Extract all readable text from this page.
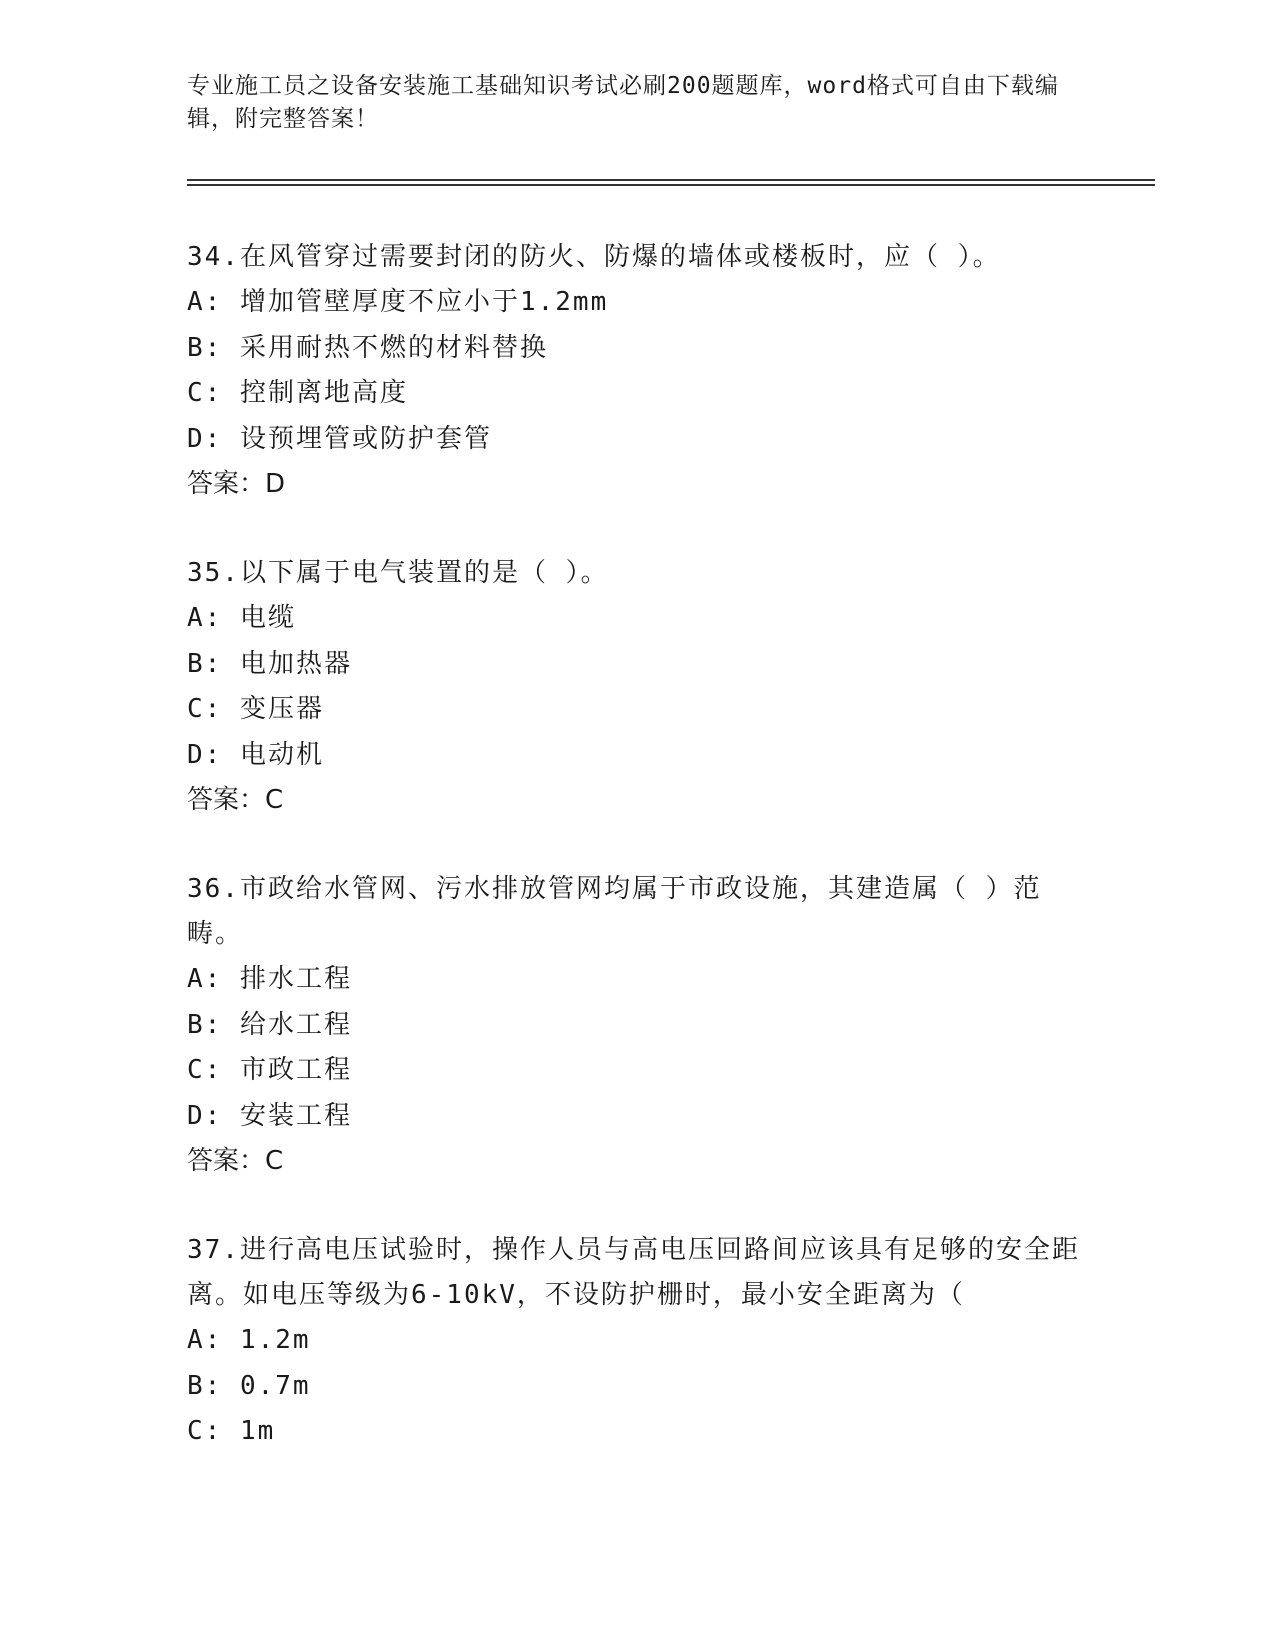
专业施工员之设备安装施工基础知识考试必刷200题题库，word格式可自由下载编辑，附完整答案！

34.在风管穿过需要封闭的防火、防爆的墙体或楼板时，应（ ）。

A: 增加管壁厚度不应小于1.2mm

B: 采用耐热不燃的材料替换

C: 控制离地高度

D: 设预埋管或防护套管

答案：D

35.以下属于电气装置的是（ ）。

A: 电缆

B: 电加热器

C: 变压器

D: 电动机

答案：C

36.市政给水管网、污水排放管网均属于市政设施，其建造属（ ）范畴。

A: 排水工程

B: 给水工程

C: 市政工程

D: 安装工程

答案：C

37.进行高电压试验时，操作人员与高电压回路间应该具有足够的安全距离。如电压等级为6-10kV，不设防护栅时，最小安全距离为（

A: 1.2m

B: 0.7m

C: 1m
